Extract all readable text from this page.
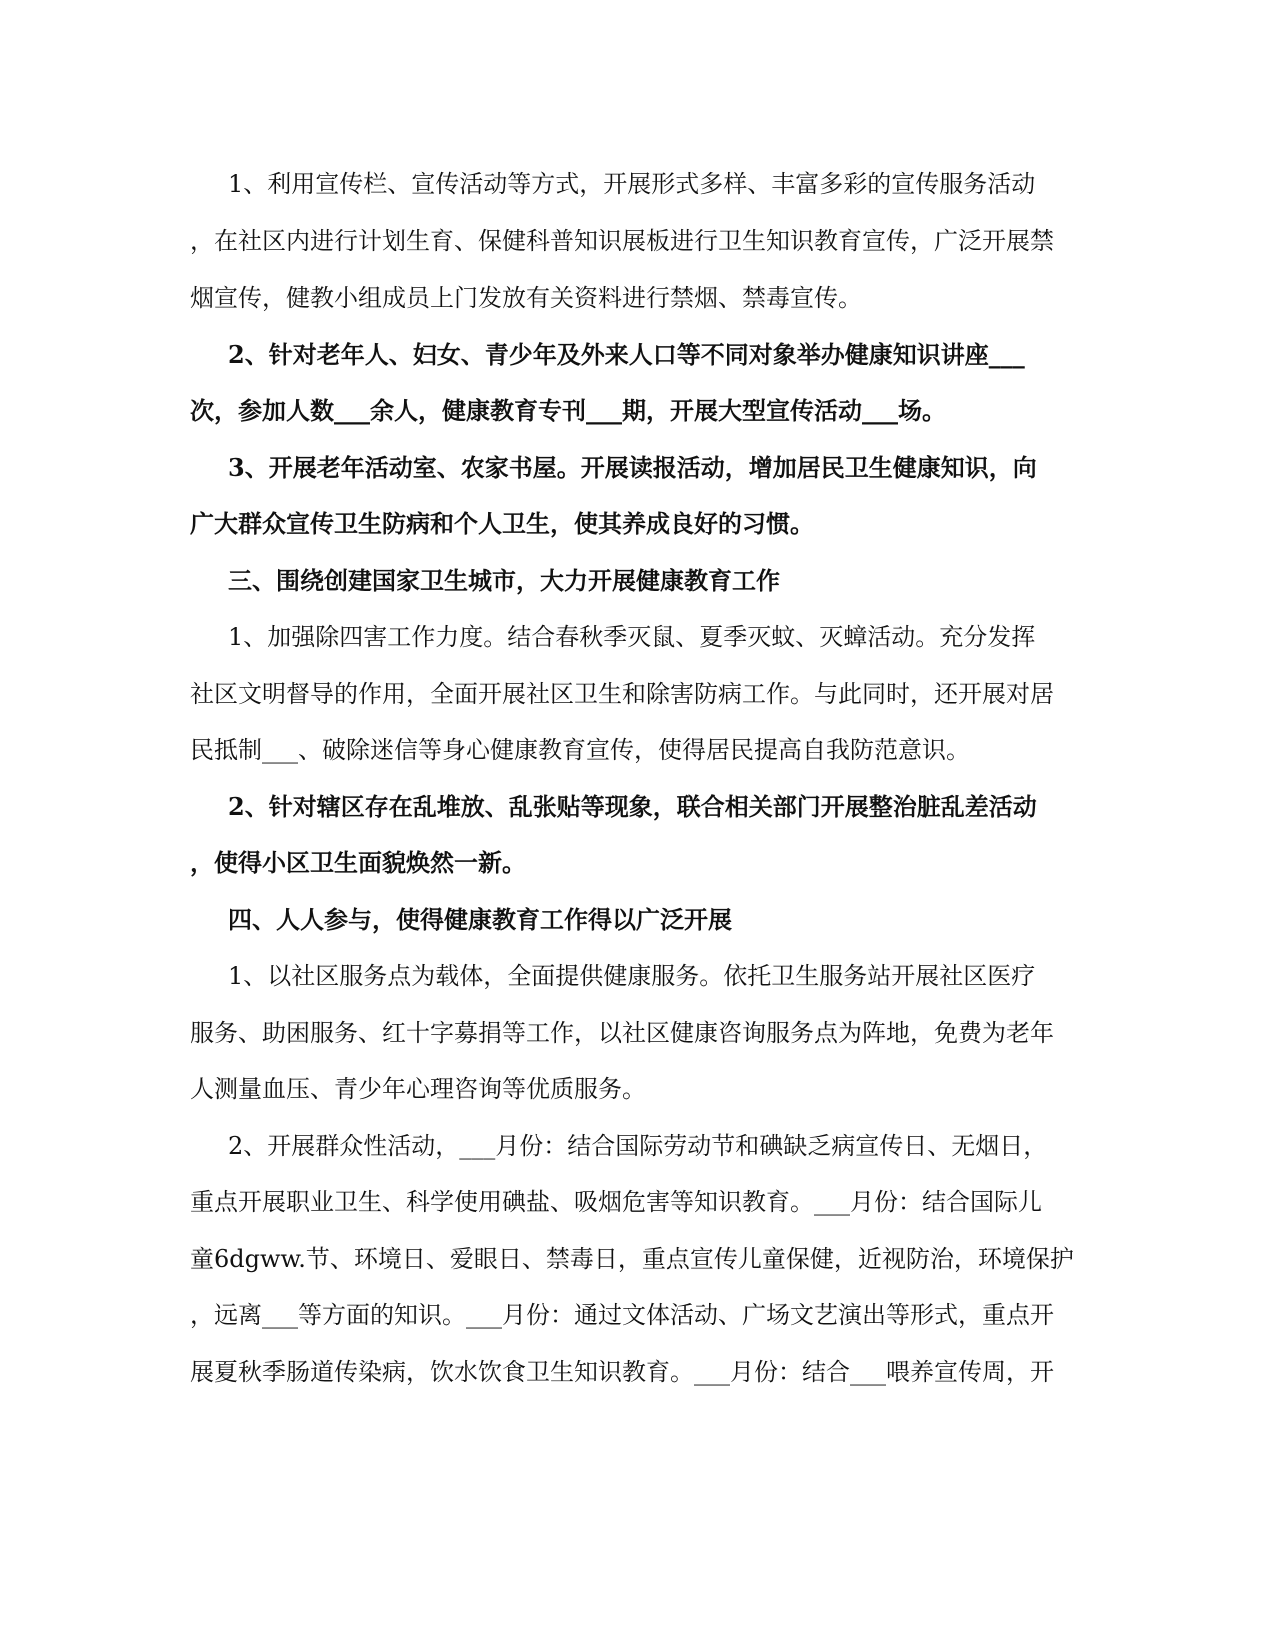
1、利用宣传栏、宣传活动等方式，开展形式多样、丰富多彩的宣传服务活动
，在社区内进行计划生育、保健科普知识展板进行卫生知识教育宣传，广泛开展禁
烟宣传，健教小组成员上门发放有关资料进行禁烟、禁毒宣传。
2、针对老年人、妇女、青少年及外来人口等不同对象举办健康知识讲座___
次，参加人数___余人，健康教育专刊___期，开展大型宣传活动___场。
3、开展老年活动室、农家书屋。开展读报活动，增加居民卫生健康知识，向
广大群众宣传卫生防病和个人卫生，使其养成良好的习惯。
三、围绕创建国家卫生城市，大力开展健康教育工作
1、加强除四害工作力度。结合春秋季灭鼠、夏季灭蚊、灭蟑活动。充分发挥
社区文明督导的作用，全面开展社区卫生和除害防病工作。与此同时，还开展对居
民抵制___、破除迷信等身心健康教育宣传，使得居民提高自我防范意识。
2、针对辖区存在乱堆放、乱张贴等现象，联合相关部门开展整治脏乱差活动
，使得小区卫生面貌焕然一新。
四、人人参与，使得健康教育工作得以广泛开展
1、以社区服务点为载体，全面提供健康服务。依托卫生服务站开展社区医疗
服务、助困服务、红十字募捐等工作，以社区健康咨询服务点为阵地，免费为老年
人测量血压、青少年心理咨询等优质服务。
2、开展群众性活动，___月份：结合国际劳动节和碘缺乏病宣传日、无烟日，
重点开展职业卫生、科学使用碘盐、吸烟危害等知识教育。___月份：结合国际儿
童6dgww.节、环境日、爱眼日、禁毒日，重点宣传儿童保健，近视防治，环境保护
，远离___等方面的知识。___月份：通过文体活动、广场文艺演出等形式，重点开
展夏秋季肠道传染病，饮水饮食卫生知识教育。___月份：结合___喂养宣传周，开
